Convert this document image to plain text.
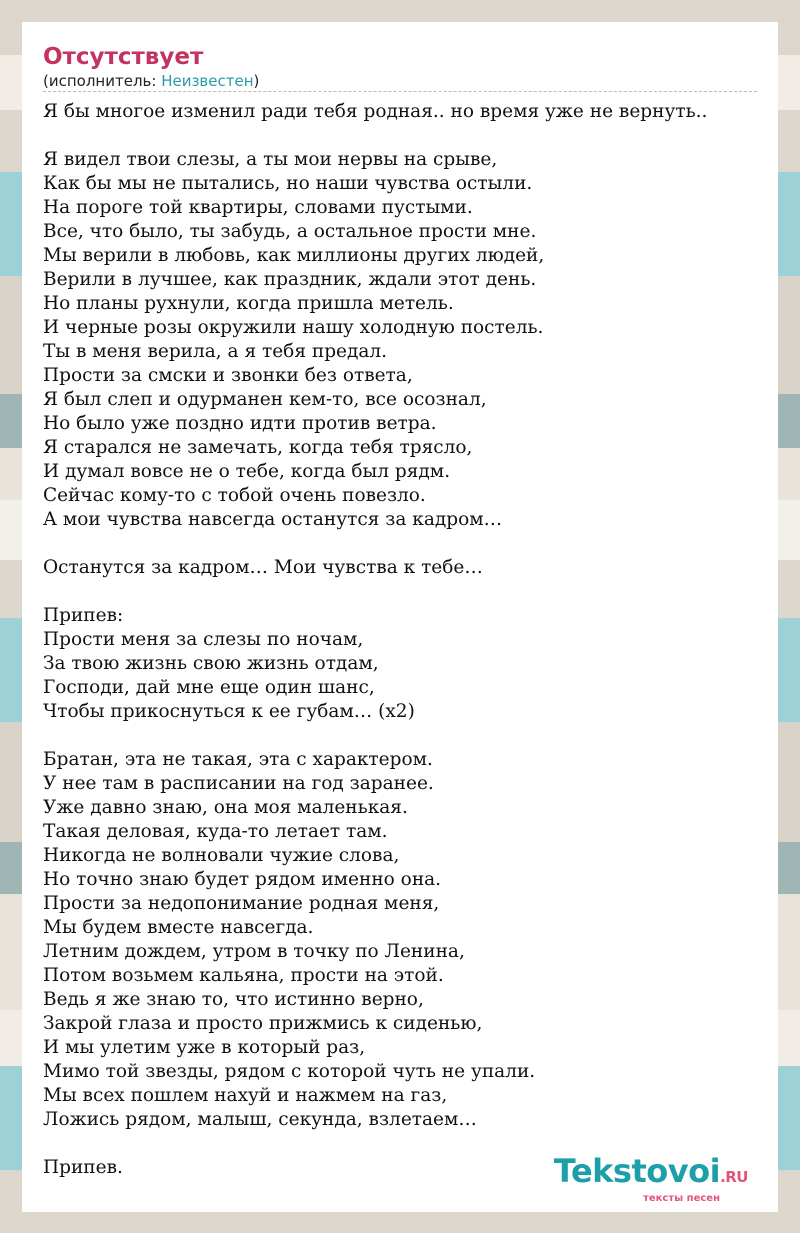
Отсутствует
(исполнитель: Неизвестен)
Я бы многое изменил ради тебя родная.. но время уже не вернуть..

Я видел твои слезы, а ты мои нервы на срыве,
Как бы мы не пытались, но наши чувства остыли.
На пороге той квартиры, словами пустыми.
Все, что было, ты забудь, а остальное прости мне.
Мы верили в любовь, как миллионы других людей,
Верили в лучшее, как праздник, ждали этот день.
Но планы рухнули, когда пришла метель.
И черные розы окружили нашу холодную постель.
Ты в меня верила, а я тебя предал.
Прости за смски и звонки без ответа,
Я был слеп и одурманен кем-то, все осознал,
Но было уже поздно идти против ветра.
Я старался не замечать, когда тебя трясло,
И думал вовсе не о тебе, когда был рядм.
Сейчас кому-то с тобой очень повезло.
А мои чувства навсегда останутся за кадром…

Останутся за кадром… Мои чувства к тебе…

Припев:
Прости меня за слезы по ночам,
За твою жизнь свою жизнь отдам,
Господи, дай мне еще один шанс,
Чтобы прикоснуться к ее губам… (x2)

Братан, эта не такая, эта с характером.
У нее там в расписании на год заранее.
Уже давно знаю, она моя маленькая.
Такая деловая, куда-то летает там.
Никогда не волновали чужие слова,
Но точно знаю будет рядом именно она.
Прости за недопонимание родная меня,
Мы будем вместе навсегда.
Летним дождем, утром в точку по Ленина,
Потом возьмем кальяна, прости на этой.
Ведь я же знаю то, что истинно верно,
Закрой глаза и просто прижмись к сиденью,
И мы улетим уже в который раз,
Мимо той звезды, рядом с которой чуть не упали.
Мы всех пошлем нахуй и нажмем на газ,
Ложись рядом, малыш, секунда, взлетаем…

Припев.	Tekstovoi.RU
тексты песен
